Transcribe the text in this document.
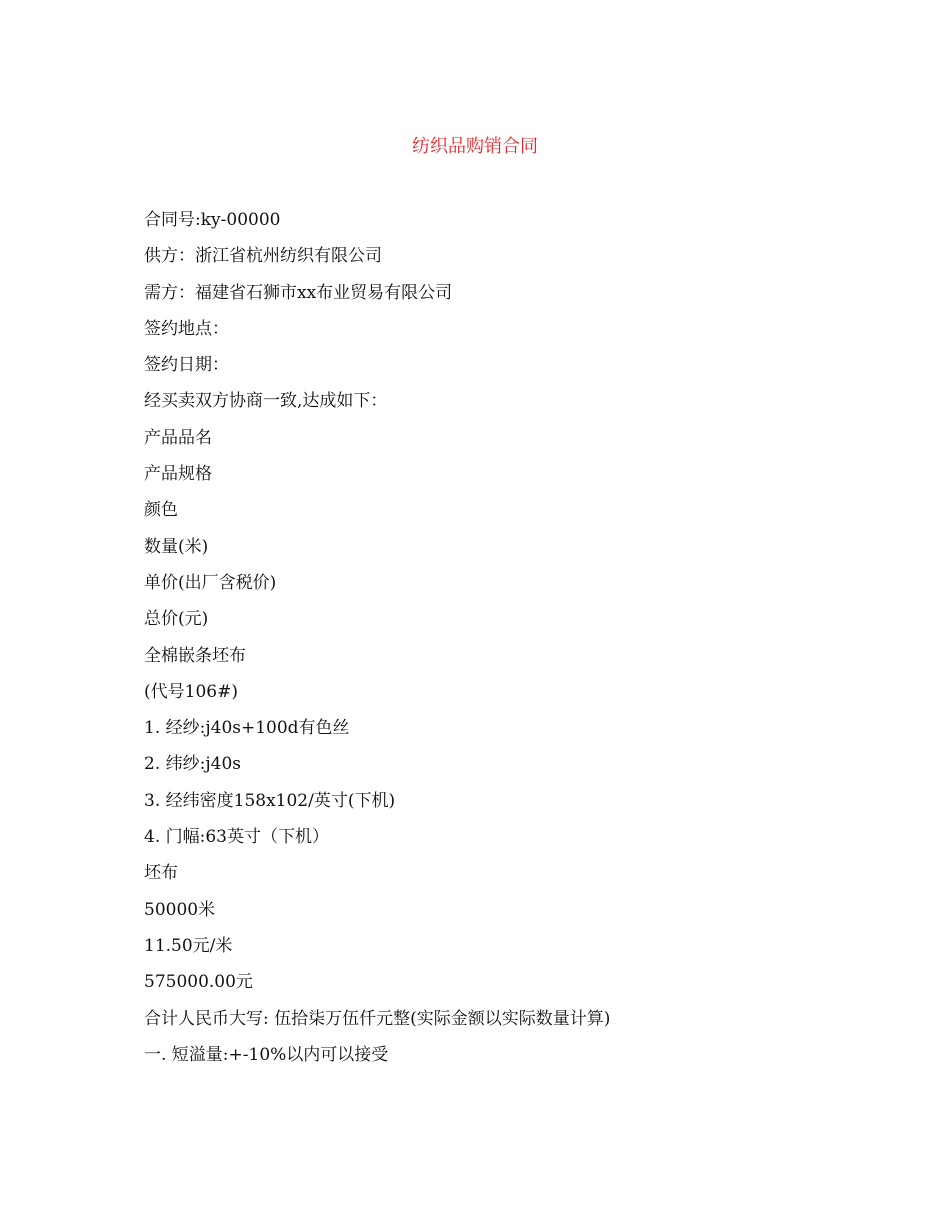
纺织品购销合同
合同号:ky-00000
供方：浙江省杭州纺织有限公司
需方：福建省石狮市xx布业贸易有限公司
签约地点：
签约日期：
经买卖双方协商一致,达成如下：
产品品名
产品规格
颜色
数量(米)
单价(出厂含税价)
总价(元)
全棉嵌条坯布
(代号106#)
1. 经纱:j40s+100d有色丝
2. 纬纱:j40s
3. 经纬密度158x102/英寸(下机)
4. 门幅:63英寸（下机）
坯布
50000米
11.50元/米
575000.00元
合计人民币大写: 伍拾柒万伍仟元整(实际金额以实际数量计算)
一. 短溢量:+-10%以内可以接受
